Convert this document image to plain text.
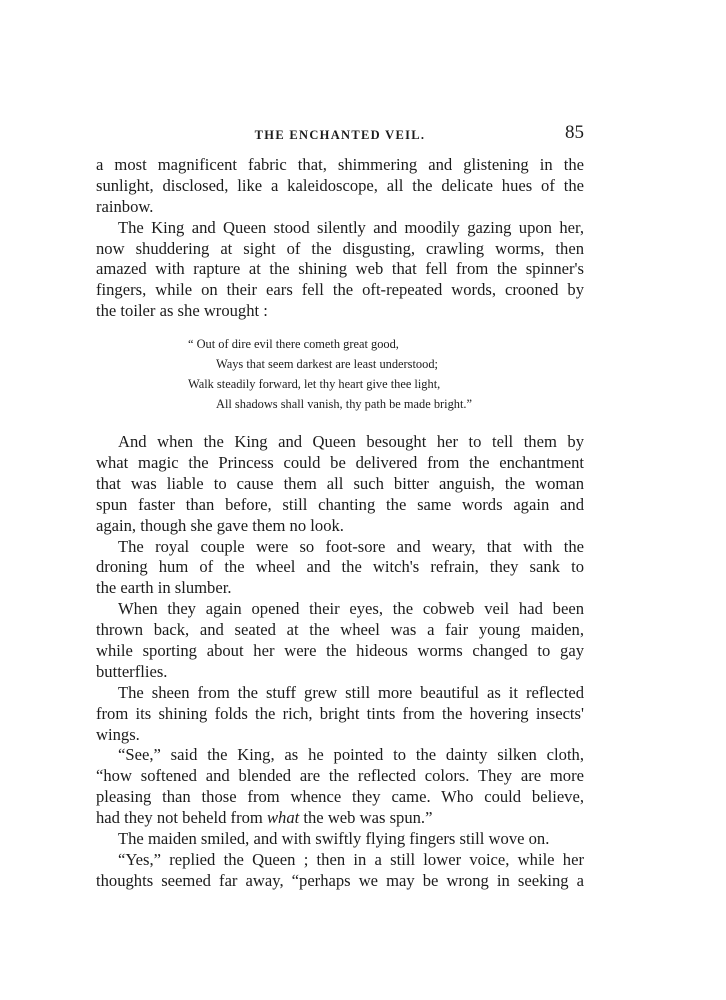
THE ENCHANTED VEIL.	85
a most magnificent fabric that, shimmering and glistening in the
sunlight, disclosed, like a kaleidoscope, all the delicate hues of the
rainbow.
The King and Queen stood silently and moodily gazing upon her,
now shuddering at sight of the disgusting, crawling worms, then
amazed with rapture at the shining web that fell from the spinner's
fingers, while on their ears fell the oft-repeated words, crooned by
the toiler as she wrought :
“ Out of dire evil there cometh great good,
Ways that seem darkest are least understood;
Walk steadily forward, let thy heart give thee light,
All shadows shall vanish, thy path be made bright.”
And when the King and Queen besought her to tell them by
what magic the Princess could be delivered from the enchantment
that was liable to cause them all such bitter anguish, the woman
spun faster than before, still chanting the same words again and
again, though she gave them no look.
The royal couple were so foot-sore and weary, that with the
droning hum of the wheel and the witch's refrain, they sank to
the earth in slumber.
When they again opened their eyes, the cobweb veil had been
thrown back, and seated at the wheel was a fair young maiden,
while sporting about her were the hideous worms changed to gay
butterflies.
The sheen from the stuff grew still more beautiful as it reflected
from its shining folds the rich, bright tints from the hovering insects'
wings.
“See,” said the King, as he pointed to the dainty silken cloth,
“how softened and blended are the reflected colors. They are more
pleasing than those from whence they came. Who could believe,
had they not beheld from what the web was spun.”
The maiden smiled, and with swiftly flying fingers still wove on.
“Yes,” replied the Queen ; then in a still lower voice, while her
thoughts seemed far away, “perhaps we may be wrong in seeking a
